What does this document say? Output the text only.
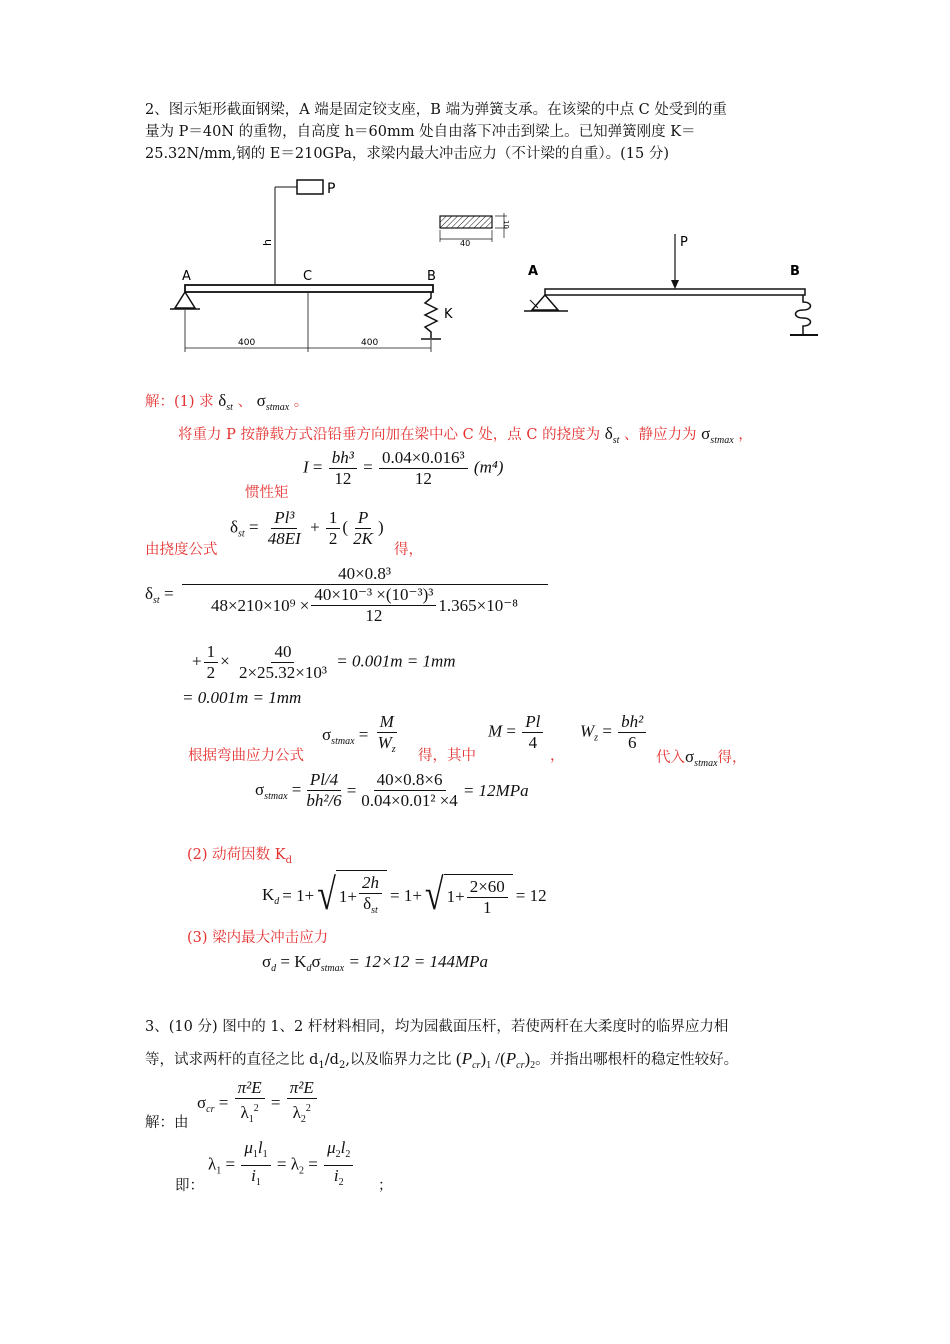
2、图示矩形截面钢梁，A 端是固定铰支座，B 端为弹簧支承。在该梁的中点 C 处受到的重
量为 P＝40N 的重物，自高度 h＝60mm 处自由落下冲击到梁上。已知弹簧刚度 K＝
25.32N/mm,钢的 E＝210GPa，求梁内最大冲击应力（不计梁的自重）。(15 分)
P
h
A	C	B
K
400	400
40
10
P
A	B
解：(1) 求 $\delta_{st}$ 、 $\sigma_{stmax}$ 。
将重力 P 按静载方式沿铅垂方向加在梁中心 C 处，点 C 的挠度为 $\delta_{st}$ 、静应力为 $\sigma_{stmax}$ ，
$I = \frac{\text{bh³}}{12} = \frac{\text{0.04×0.016³}}{12} (m^4)$
惯性矩
$\delta_{st} = \frac{\text{Pl³}}{48EI} + \frac{1}{2}$ ( $\frac{P}{2K}$ )
由挠度公式	得，
$\delta_{st} = \frac{\text{40×0.8³}}{48\times 210\times 10^9 \times \frac{\text{40×10⁻³ ×(10⁻³)³}}{12} 1.365\times 10^{-8}}$
+ $\frac{1}{2} \times \frac{40}{\text{2×25.32×10³}} = 0.001m = 1mm$
= 0.001m = 1mm
$\sigma_{stmax} = \frac{M}{W_z}$	$M = \frac{Pl}{4} W_z = \frac{\text{bh²}}{6}$
根据弯曲应力公式	得，其中	，	代入$\sigma_{stmax}$得，
$\sigma_{stmax} = \frac{Pl/4}{\text{bh²/6}} = \frac{40\times 0.8\times 6}{\text{0.04×0.01² ×4}} = 12MPa$
(2) 动荷因数 $K_d$
$K_d = 1+$ √ $1+ \frac{2h}{\delta_{st}} = 1+$ √ $1+ \frac{2\times 60}{1} = 12$
(3) 梁内最大冲击应力
$\sigma_d = K_d\sigma_{stmax} = 12\times 12 = 144MPa$
3、(10 分) 图中的 1、2 杆材料相同，均为园截面压杆，若使两杆在大柔度时的临界应力相
等，试求两杆的直径之比 $d_1/d_2$,以及临界力之比 $(P_{cr})_1$ $/(P_{cr})_2$。并指出哪根杆的稳定性较好。
$\sigma_{cr} = \frac{\text{π²E}}{\lambda_1^2} = \frac{\text{π²E}}{\lambda_2^2}$
解：由
$\lambda_1 = \frac{\mu_1l_1}{i_1} = \lambda_2 = \frac{\mu_2l_2}{i_2}$
即：	；
